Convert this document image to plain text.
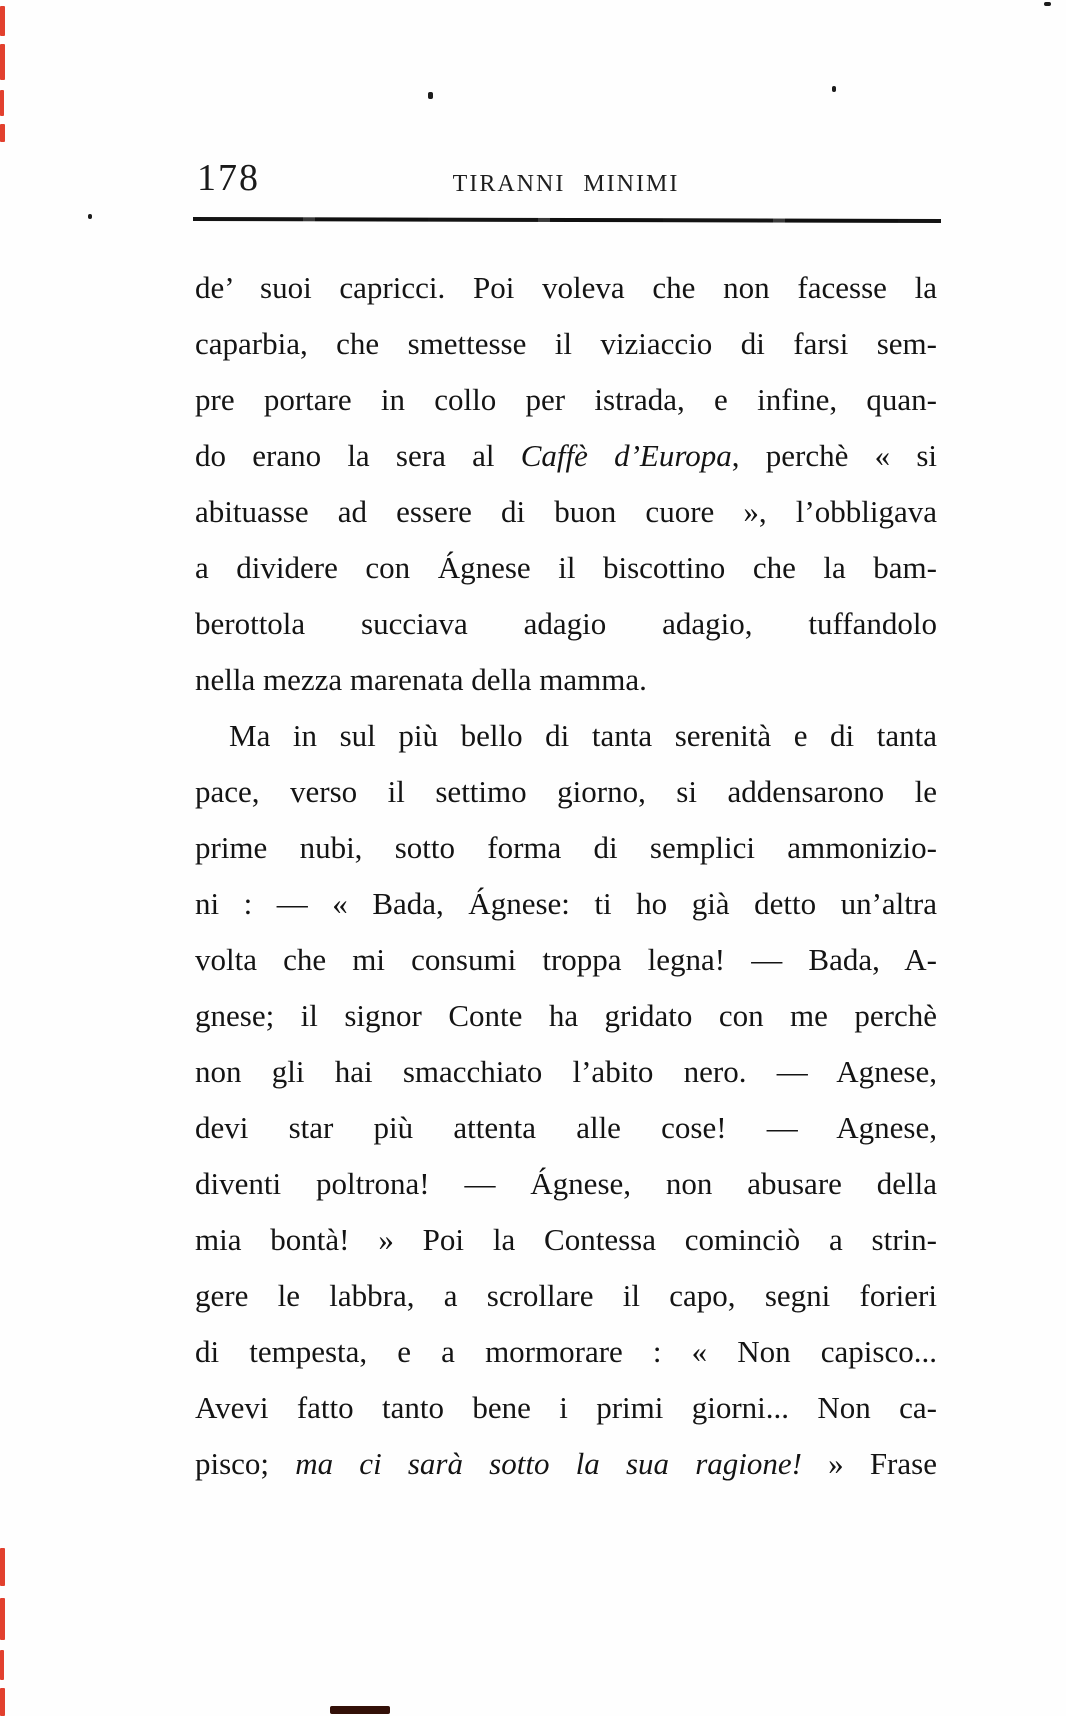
178	TIRANNI MINIMI
de’ suoi capricci. Poi voleva che non facesse la
caparbia, che smettesse il viziaccio di farsi sem-
pre portare in collo per istrada, e infine, quan-
do erano la sera al Caffè d’Europa, perchè « si
abituasse ad essere di buon cuore », l’obbligava
a dividere con Ágnese il biscottino che la bam-
berottola succiava adagio adagio, tuffandolo
nella mezza marenata della mamma.
Ma in sul più bello di tanta serenità e di tanta
pace, verso il settimo giorno, si addensarono le
prime nubi, sotto forma di semplici ammonizio-
ni : — « Bada, Ágnese: ti ho già detto un’altra
volta che mi consumi troppa legna! — Bada, A-
gnese; il signor Conte ha gridato con me perchè
non gli hai smacchiato l’abito nero. — Agnese,
devi star più attenta alle cose! — Agnese,
diventi poltrona! — Ágnese, non abusare della
mia bontà! » Poi la Contessa cominciò a strin-
gere le labbra, a scrollare il capo, segni forieri
di tempesta, e a mormorare : « Non capisco...
Avevi fatto tanto bene i primi giorni... Non ca-
pisco; ma ci sarà sotto la sua ragione! » Frase
